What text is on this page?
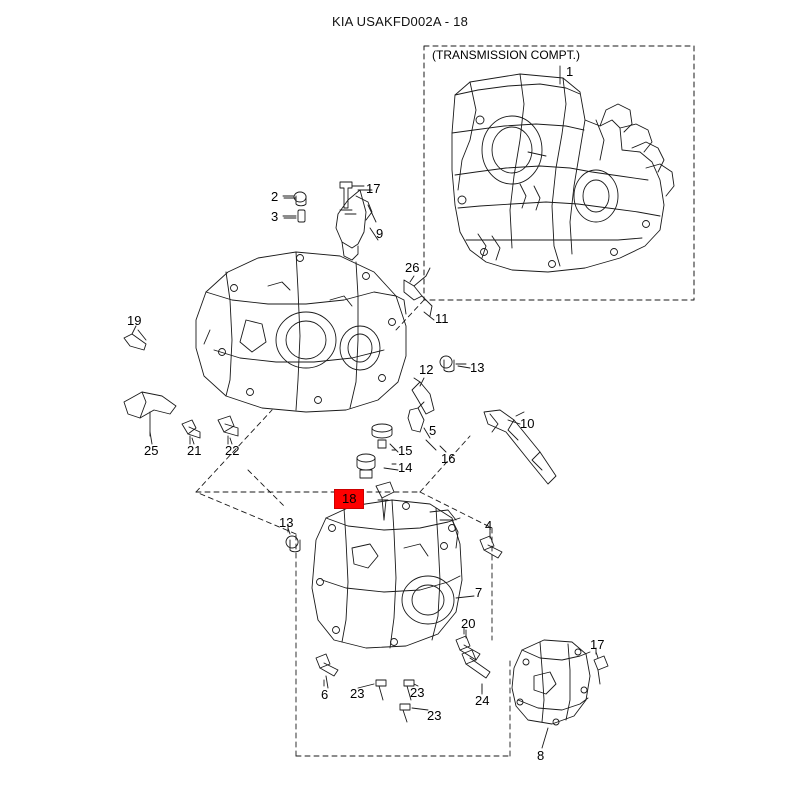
KIA USAKFD002A - 18
(TRANSMISSION COMPT.)
1
2
3
17
9
26
11
19
12	13
10
5
15
16
14
25 21 22
18
13	4
7
20
17
6 23	23
23
24
8
